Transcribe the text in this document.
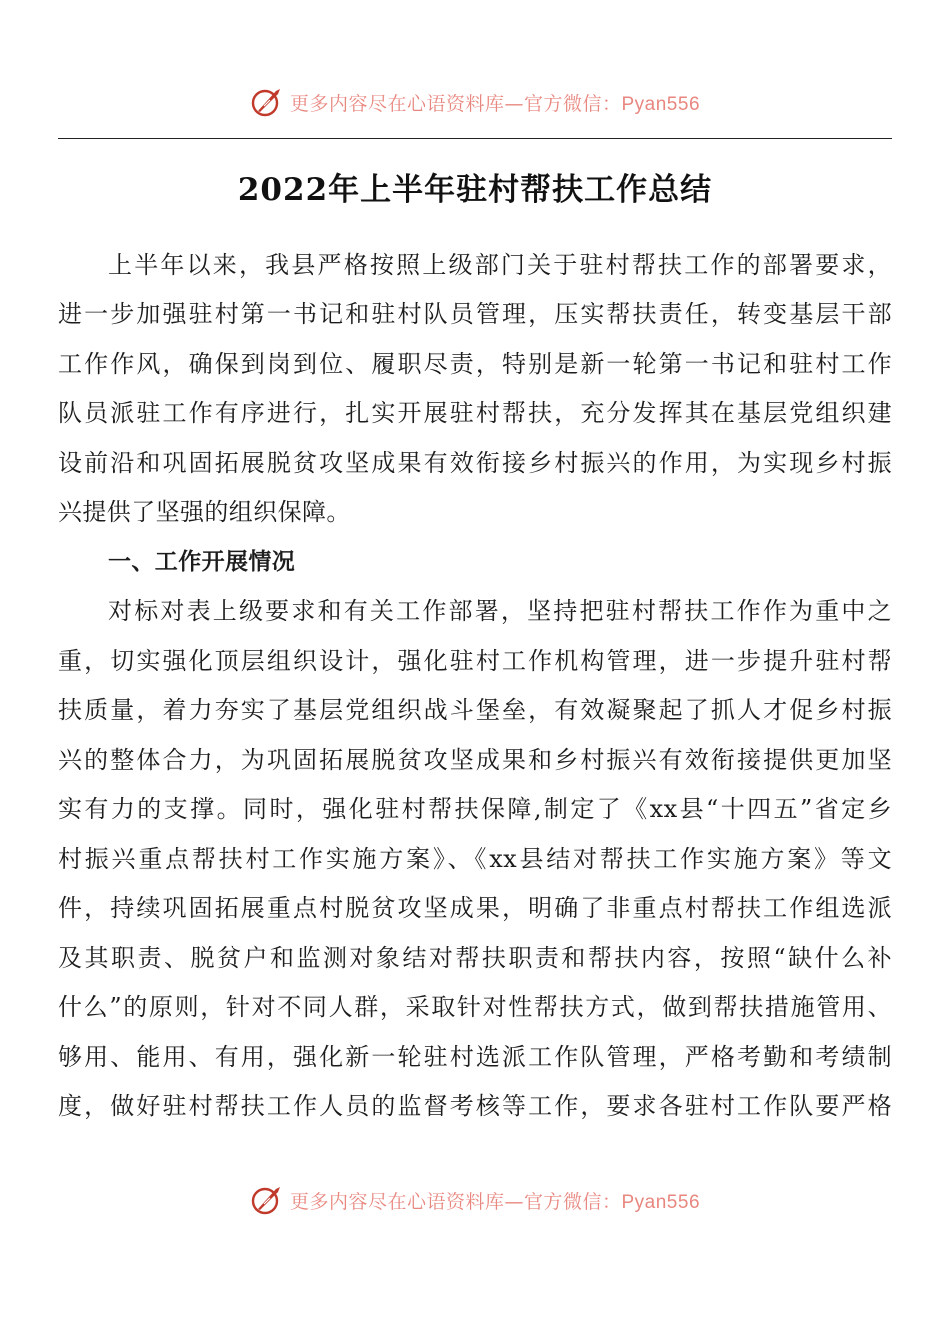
更多内容尽在心语资料库—官方微信：Pyan556
2022年上半年驻村帮扶工作总结
上半年以来，我县严格按照上级部门关于驻村帮扶工作的部署要求，
进一步加强驻村第一书记和驻村队员管理，压实帮扶责任，转变基层干部
工作作风，确保到岗到位、履职尽责，特别是新一轮第一书记和驻村工作
队员派驻工作有序进行，扎实开展驻村帮扶，充分发挥其在基层党组织建
设前沿和巩固拓展脱贫攻坚成果有效衔接乡村振兴的作用，为实现乡村振
兴提供了坚强的组织保障。
一、工作开展情况
对标对表上级要求和有关工作部署，坚持把驻村帮扶工作作为重中之
重，切实强化顶层组织设计，强化驻村工作机构管理，进一步提升驻村帮
扶质量，着力夯实了基层党组织战斗堡垒，有效凝聚起了抓人才促乡村振
兴的整体合力，为巩固拓展脱贫攻坚成果和乡村振兴有效衔接提供更加坚
实有力的支撑。同时，强化驻村帮扶保障,制定了《xx县“十四五”省定乡
村振兴重点帮扶村工作实施方案》、《xx县结对帮扶工作实施方案》等文
件，持续巩固拓展重点村脱贫攻坚成果，明确了非重点村帮扶工作组选派
及其职责、脱贫户和监测对象结对帮扶职责和帮扶内容，按照“缺什么补
什么”的原则，针对不同人群，采取针对性帮扶方式，做到帮扶措施管用、
够用、能用、有用，强化新一轮驻村选派工作队管理，严格考勤和考绩制
度，做好驻村帮扶工作人员的监督考核等工作，要求各驻村工作队要严格
更多内容尽在心语资料库—官方微信：Pyan556
